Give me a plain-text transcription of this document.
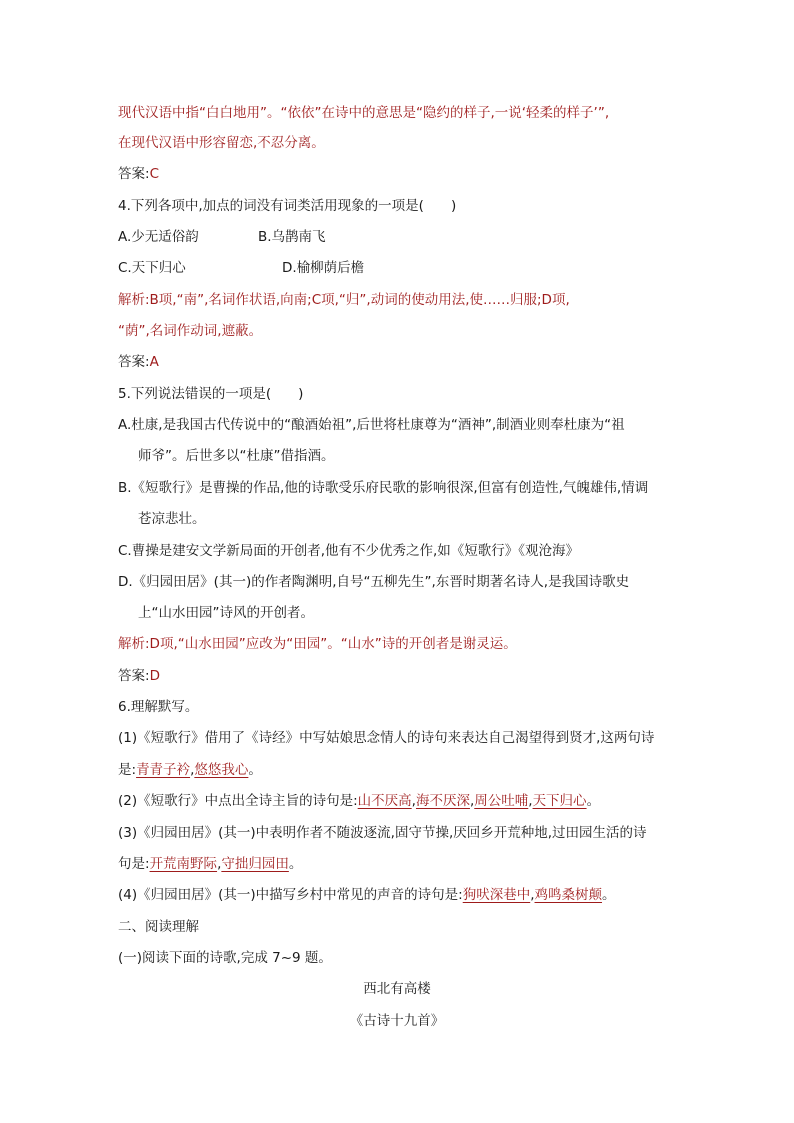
现代汉语中指“白白地用”。“依依”在诗中的意思是“隐约的样子,一说‘轻柔的样子’”,
在现代汉语中形容留恋,不忍分离。
答案:C
4.下列各项中,加点的词没有词类活用现象的一项是(　　)
A.少无适俗韵	B.乌鹊南飞
C.天下归心	D.榆柳荫后檐
解析:B项,“南”,名词作状语,向南;C项,“归”,动词的使动用法,使……归服;D项,
“荫”,名词作动词,遮蔽。
答案:A
5.下列说法错误的一项是(　　)
A.杜康,是我国古代传说中的“酿酒始祖”,后世将杜康尊为“酒神”,制酒业则奉杜康为“祖
师爷”。后世多以“杜康”借指酒。
B.《短歌行》是曹操的作品,他的诗歌受乐府民歌的影响很深,但富有创造性,气魄雄伟,情调
苍凉悲壮。
C.曹操是建安文学新局面的开创者,他有不少优秀之作,如《短歌行》《观沧海》
D.《归园田居》(其一)的作者陶渊明,自号“五柳先生”,东晋时期著名诗人,是我国诗歌史
上“山水田园”诗风的开创者。
解析:D项,“山水田园”应改为“田园”。“山水”诗的开创者是谢灵运。
答案:D
6.理解默写。
(1)《短歌行》借用了《诗经》中写姑娘思念情人的诗句来表达自己渴望得到贤才,这两句诗
是:青青子衿,悠悠我心。
(2)《短歌行》中点出全诗主旨的诗句是:山不厌高,海不厌深,周公吐哺,天下归心。
(3)《归园田居》(其一)中表明作者不随波逐流,固守节操,厌回乡开荒种地,过田园生活的诗
句是:开荒南野际,守拙归园田。
(4)《归园田居》(其一)中描写乡村中常见的声音的诗句是:狗吠深巷中,鸡鸣桑树颠。
二、阅读理解
(一)阅读下面的诗歌,完成 7~9 题。
西北有高楼
《古诗十九首》
